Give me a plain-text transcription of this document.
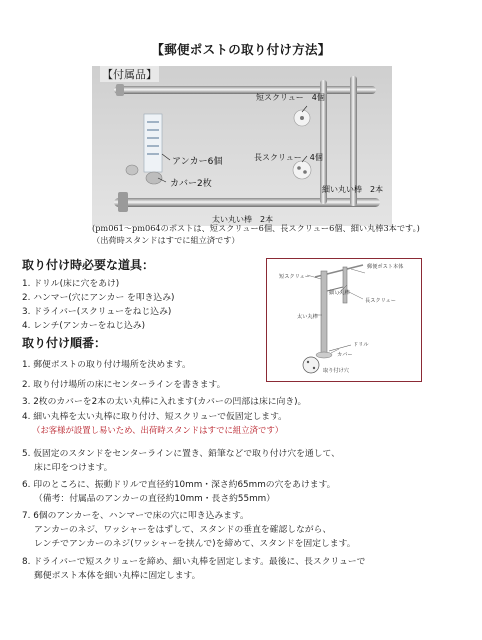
【郵便ポストの取り付け方法】
短スクリュー　4個
長スクリュー　4個
アンカー6個
カバー2枚
細い丸い棒　2本
太い丸い棒　2本
【付属品】
(pm061～pm064のポストは、短スクリュー6個、長スクリュー6個、細い丸棒3本です。)
（出荷時スタンドはすでに組立済です）
取り付け時必要な道具：
1. ドリル(床に穴をあけ)
2. ハンマー(穴にアンカー を叩き込み)
3. ドライバー(スクリューをねじ込み)
4. レンチ(アンカーをねじ込み)
郵便ポスト本体
短スクリュー
細い丸棒
長スクリュー
太い丸棒
ドリル
カバー
取り付け穴
取り付け順番：
1. 郵便ポストの取り付け場所を決めます。
2. 取り付け場所の床にセンターラインを書きます。
3. 2枚のカバーを2本の太い丸棒に入れます(カバーの凹部は床に向き)。
4. 細い丸棒を太い丸棒に取り付け、短スクリューで仮固定します。
（お客様が設置し易いため、出荷時スタンドはすでに組立済です）
5. 仮固定のスタンドをセンターラインに置き、鉛筆などで取り付け穴を通して、
床に印をつけます。
6. 印のところに、振動ドリルで直径約10mm・深さ約65mmの穴をあけます。
（備考：付属品のアンカーの直径約10mm・長さ約55mm）
7. 6個のアンカーを、ハンマーで床の穴に叩き込みます。
アンカーのネジ、ワッシャーをはずして、スタンドの垂直を確認しながら、
レンチでアンカーのネジ(ワッシャーを挟んで)を締めて、スタンドを固定します。
8. ドライバーで短スクリューを締め、細い丸棒を固定します。最後に、長スクリューで
郵便ポスト本体を細い丸棒に固定します。
